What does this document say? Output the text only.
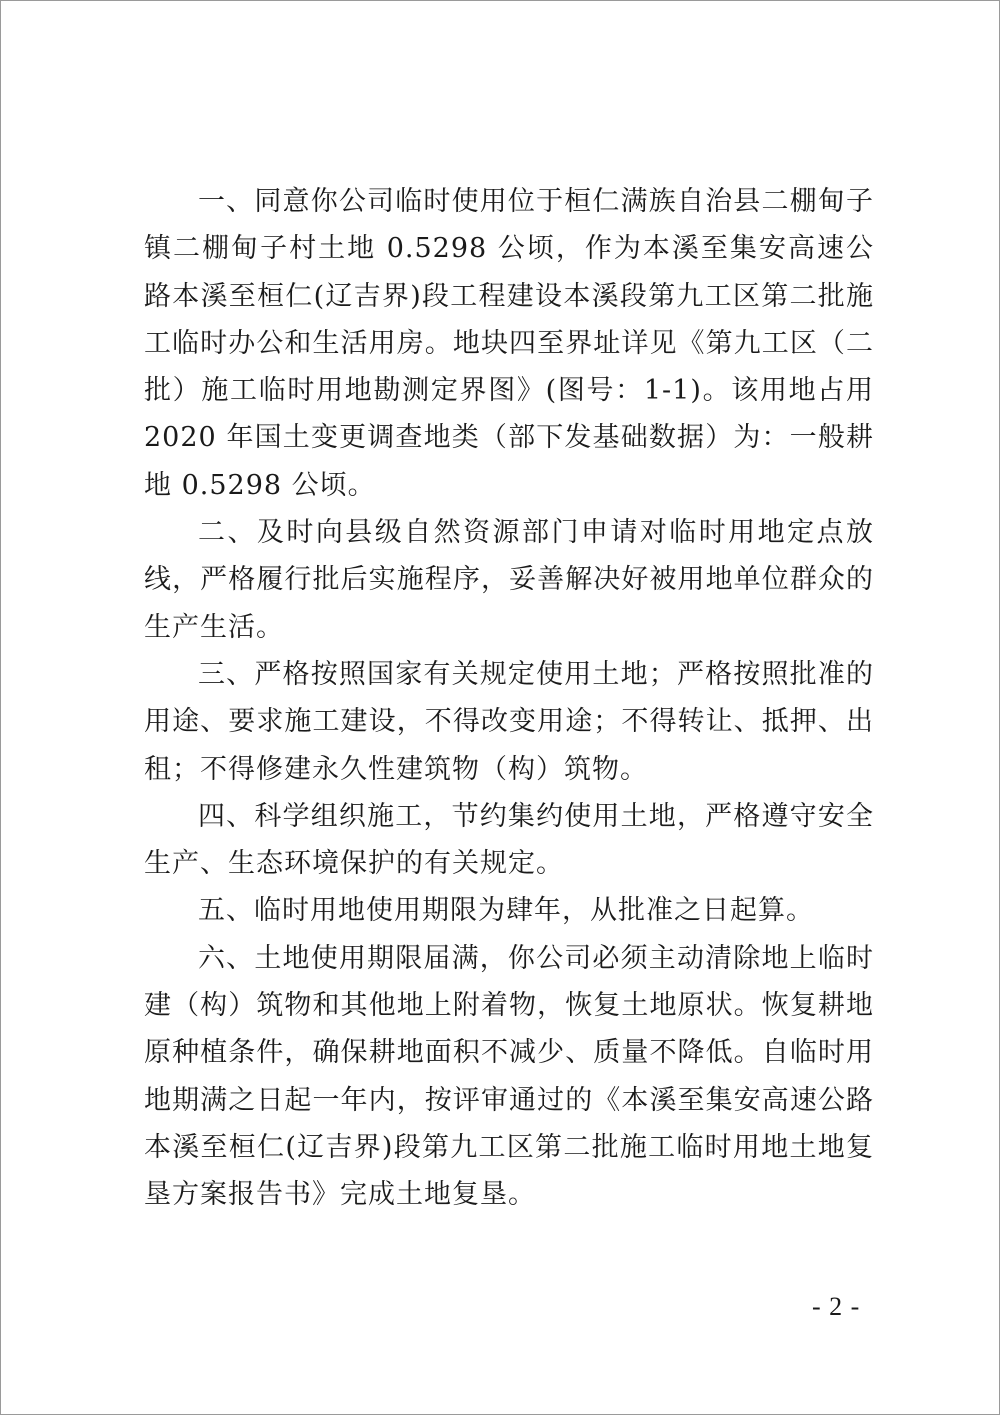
一、同意你公司临时使用位于桓仁满族自治县二棚甸子镇二棚甸子村土地 0.5298 公顷，作为本溪至集安高速公路本溪至桓仁(辽吉界)段工程建设本溪段第九工区第二批施工临时办公和生活用房。地块四至界址详见《第九工区（二批）施工临时用地勘测定界图》(图号：1-1)。该用地占用 2020 年国土变更调查地类（部下发基础数据）为：一般耕地 0.5298 公顷。

二、及时向县级自然资源部门申请对临时用地定点放线，严格履行批后实施程序，妥善解决好被用地单位群众的生产生活。

三、严格按照国家有关规定使用土地；严格按照批准的用途、要求施工建设，不得改变用途；不得转让、抵押、出租；不得修建永久性建筑物（构）筑物。

四、科学组织施工，节约集约使用土地，严格遵守安全生产、生态环境保护的有关规定。

五、临时用地使用期限为肆年，从批准之日起算。

六、土地使用期限届满，你公司必须主动清除地上临时建（构）筑物和其他地上附着物，恢复土地原状。恢复耕地原种植条件，确保耕地面积不减少、质量不降低。自临时用地期满之日起一年内，按评审通过的《本溪至集安高速公路本溪至桓仁(辽吉界)段第九工区第二批施工临时用地土地复垦方案报告书》完成土地复垦。

- 2 -
